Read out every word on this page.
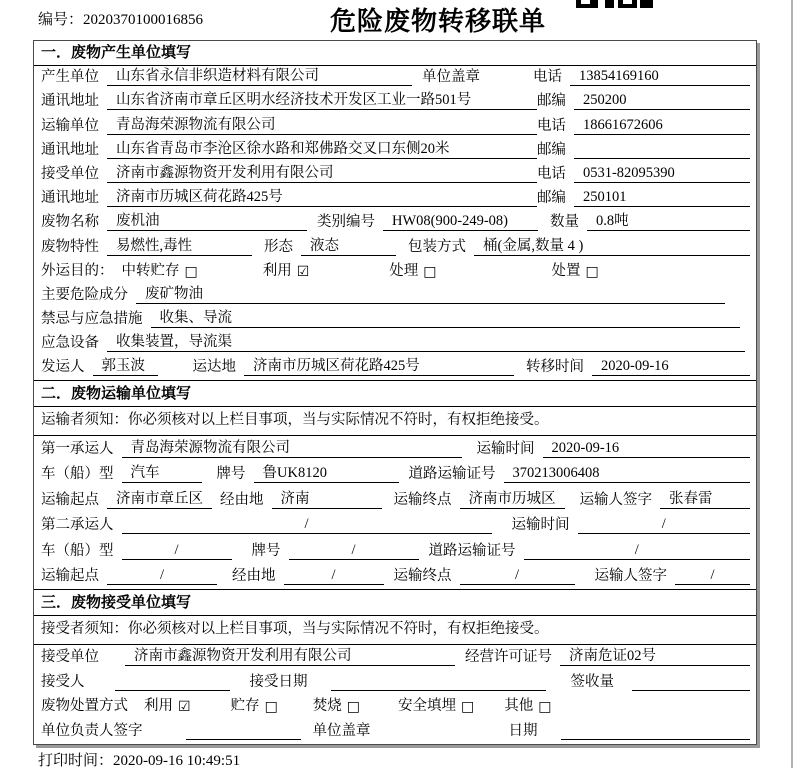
编号：2020370100016856	危险废物转移联单
一．废物产生单位填写
产生单位	山东省永信非织造材料有限公司	单位盖章	电话	13854169160
通讯地址	山东省济南市章丘区明水经济技术开发区工业一路501号	邮编	250200
运输单位	青岛海荣源物流有限公司	电话	18661672606
通讯地址	山东省青岛市李沧区徐水路和郑佛路交叉口东侧20米	邮编
接受单位	济南市鑫源物资开发利用有限公司	电话	0531-82095390
通讯地址	济南市历城区荷花路425号	邮编	250101
废物名称	废机油	类别编号	HW08(900-249-08)	数量	0.8吨
废物特性	易燃性,毒性	形态	液态	包装方式	桶(金属,数量 4 )
外运目的： 中转贮存 □	利用 ☑	处理 □	处置 □
主要危险成分	废矿物油
禁忌与应急措施	收集、导流
应急设备	收集装置，导流渠
发运人	郭玉波	运达地	济南市历城区荷花路425号	转移时间	2020-09-16
二．废物运输单位填写
运输者须知：你必须核对以上栏目事项，当与实际情况不符时，有权拒绝接受。
第一承运人	青岛海荣源物流有限公司	运输时间	2020-09-16
车（船）型	汽车	牌号	鲁UK8120	道路运输证号	370213006408
运输起点	济南市章丘区	经由地	济南	运输终点	济南市历城区	运输人签字	张春雷
第二承运人	/	运输时间	/
车（船）型	/	牌号	/	道路运输证号	/
运输起点	/	经由地	/	运输终点	/	运输人签字	/
三．废物接受单位填写
接受者须知：你必须核对以上栏目事项，当与实际情况不符时，有权拒绝接受。
接受单位	济南市鑫源物资开发利用有限公司	经营许可证号	济南危证02号
接受人	接受日期	签收量
废物处置方式 利用 ☑	贮存 □ 焚烧 □	安全填埋 □ 其他 □
单位负责人签字	单位盖章	日期
打印时间：2020-09-16 10:49:51
